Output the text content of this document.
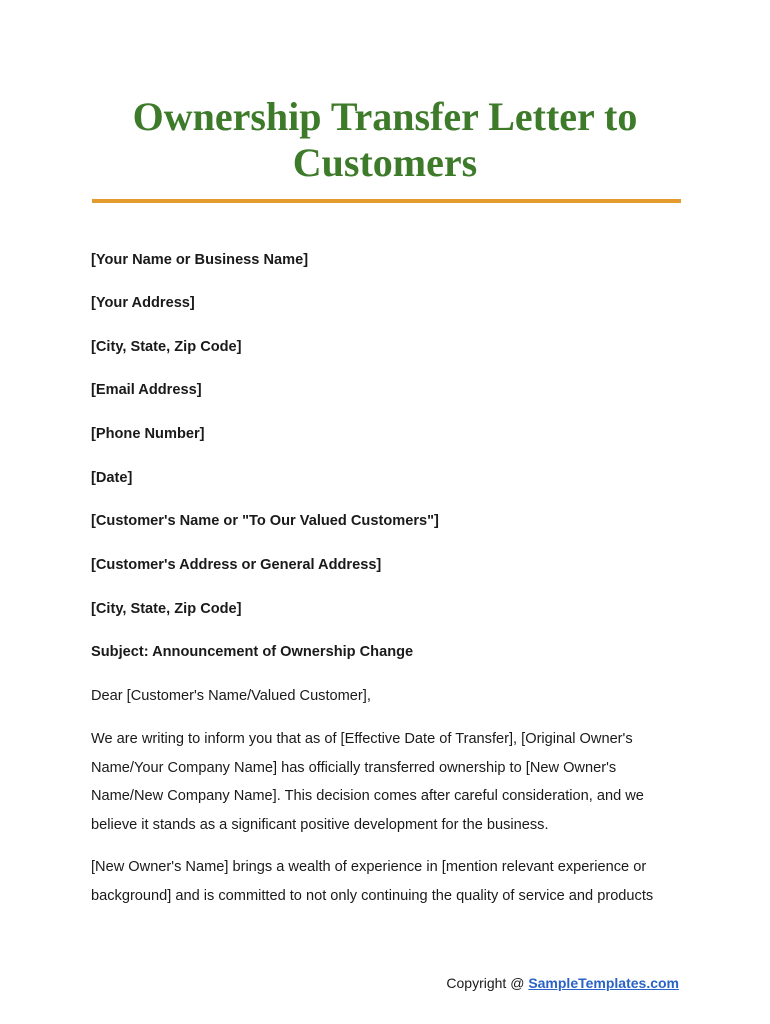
Ownership Transfer Letter to
Customers
[Your Name or Business Name]
[Your Address]
[City, State, Zip Code]
[Email Address]
[Phone Number]
[Date]
[Customer's Name or "To Our Valued Customers"]
[Customer's Address or General Address]
[City, State, Zip Code]
Subject: Announcement of Ownership Change
Dear [Customer's Name/Valued Customer],
We are writing to inform you that as of [Effective Date of Transfer], [Original Owner's
Name/Your Company Name] has officially transferred ownership to [New Owner's
Name/New Company Name]. This decision comes after careful consideration, and we
believe it stands as a significant positive development for the business.
[New Owner's Name] brings a wealth of experience in [mention relevant experience or
background] and is committed to not only continuing the quality of service and products
Copyright @ SampleTemplates.com
